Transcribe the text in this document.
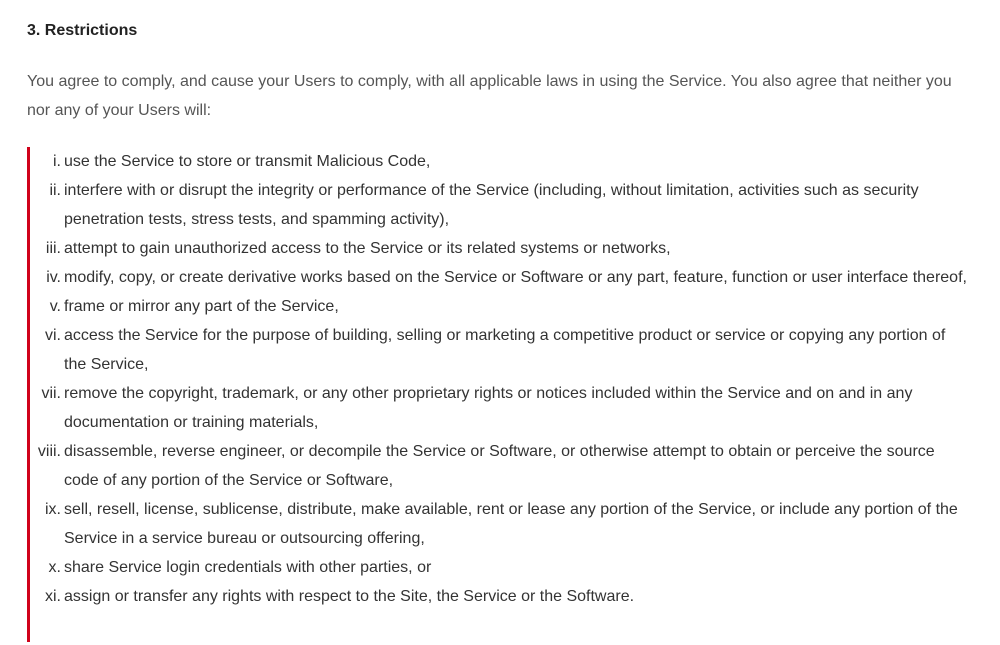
3. Restrictions

You agree to comply, and cause your Users to comply, with all applicable laws in using the Service. You also agree that neither you nor any of your Users will:

i. use the Service to store or transmit Malicious Code,
ii. interfere with or disrupt the integrity or performance of the Service (including, without limitation, activities such as security penetration tests, stress tests, and spamming activity),
iii. attempt to gain unauthorized access to the Service or its related systems or networks,
iv. modify, copy, or create derivative works based on the Service or Software or any part, feature, function or user interface thereof,
v. frame or mirror any part of the Service,
vi. access the Service for the purpose of building, selling or marketing a competitive product or service or copying any portion of the Service,
vii. remove the copyright, trademark, or any other proprietary rights or notices included within the Service and on and in any documentation or training materials,
viii. disassemble, reverse engineer, or decompile the Service or Software, or otherwise attempt to obtain or perceive the source code of any portion of the Service or Software,
ix. sell, resell, license, sublicense, distribute, make available, rent or lease any portion of the Service, or include any portion of the Service in a service bureau or outsourcing offering,
x. share Service login credentials with other parties, or
xi. assign or transfer any rights with respect to the Site, the Service or the Software.
